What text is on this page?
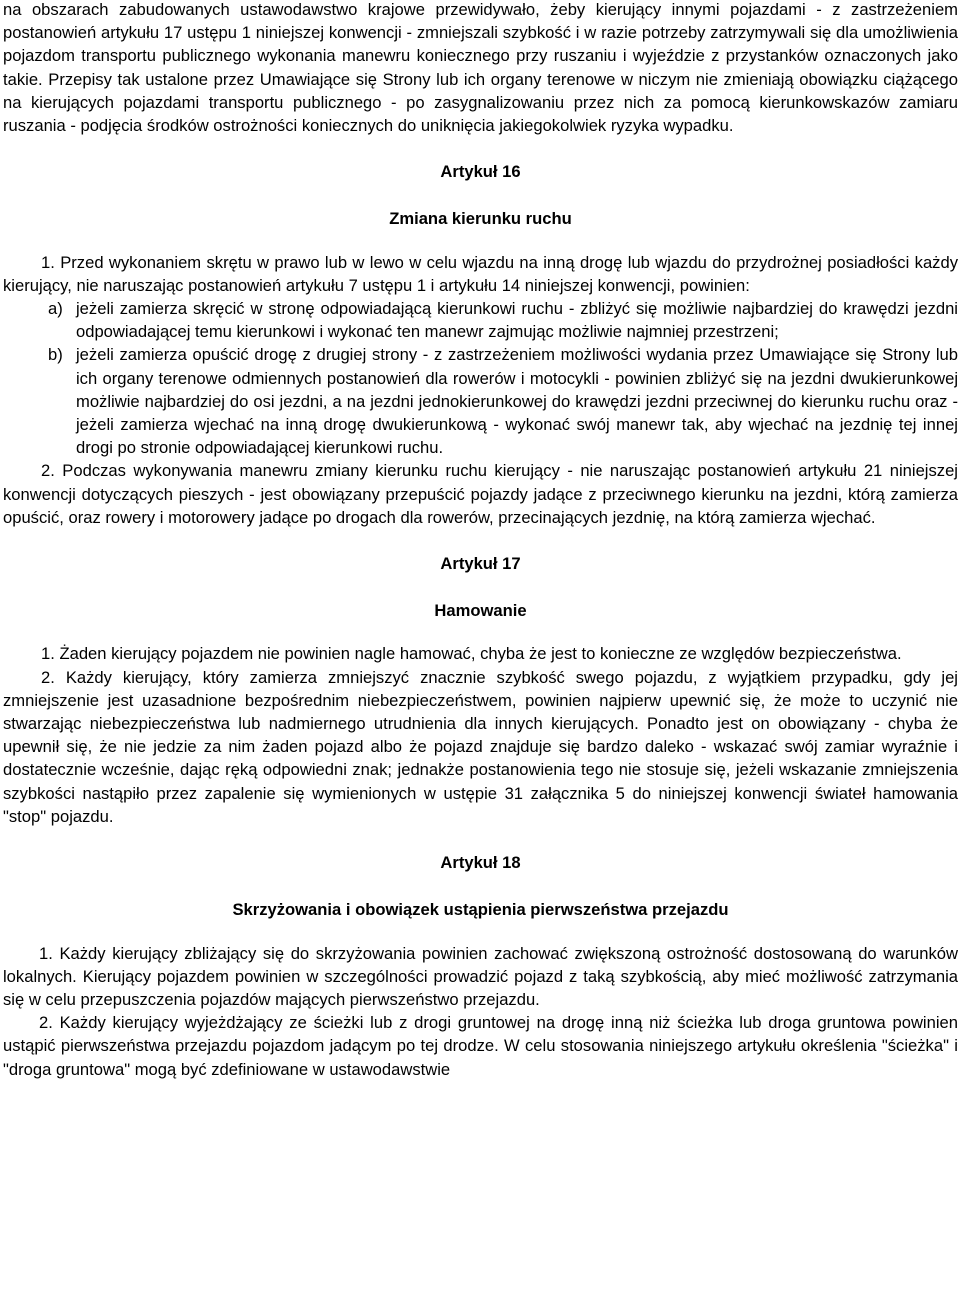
na obszarach zabudowanych ustawodawstwo krajowe przewidywało, żeby kierujący innymi pojazdami - z zastrzeżeniem postanowień artykułu 17 ustępu 1 niniejszej konwencji - zmniejszali szybkość i w razie potrzeby zatrzymywali się dla umożliwienia pojazdom transportu publicznego wykonania manewru koniecznego przy ruszaniu i wyjeździe z przystanków oznaczonych jako takie. Przepisy tak ustalone przez Umawiające się Strony lub ich organy terenowe w niczym nie zmieniają obowiązku ciążącego na kierujących pojazdami transportu publicznego - po zasygnalizowaniu przez nich za pomocą kierunkowskazów zamiaru ruszania - podjęcia środków ostrożności koniecznych do uniknięcia jakiegokolwiek ryzyka wypadku.

Artykuł 16
Zmiana kierunku ruchu

1. Przed wykonaniem skrętu w prawo lub w lewo w celu wjazdu na inną drogę lub wjazdu do przydrożnej posiadłości każdy kierujący, nie naruszając postanowień artykułu 7 ustępu 1 i artykułu 14 niniejszej konwencji, powinien:

a) jeżeli zamierza skręcić w stronę odpowiadającą kierunkowi ruchu - zbliżyć się możliwie najbardziej do krawędzi jezdni odpowiadającej temu kierunkowi i wykonać ten manewr zajmując możliwie najmniej przestrzeni;
b) jeżeli zamierza opuścić drogę z drugiej strony - z zastrzeżeniem możliwości wydania przez Umawiające się Strony lub ich organy terenowe odmiennych postanowień dla rowerów i motocykli - powinien zbliżyć się na jezdni dwukierunkowej możliwie najbardziej do osi jezdni, a na jezdni jednokierunkowej do krawędzi jezdni przeciwnej do kierunku ruchu oraz - jeżeli zamierza wjechać na inną drogę dwukierunkową - wykonać swój manewr tak, aby wjechać na jezdnię tej innej drogi po stronie odpowiadającej kierunkowi ruchu.

2. Podczas wykonywania manewru zmiany kierunku ruchu kierujący - nie naruszając postanowień artykułu 21 niniejszej konwencji dotyczących pieszych - jest obowiązany przepuścić pojazdy jadące z przeciwnego kierunku na jezdni, którą zamierza opuścić, oraz rowery i motorowery jadące po drogach dla rowerów, przecinających jezdnię, na którą zamierza wjechać.

Artykuł 17
Hamowanie

1. Żaden kierujący pojazdem nie powinien nagle hamować, chyba że jest to konieczne ze względów bezpieczeństwa.

2. Każdy kierujący, który zamierza zmniejszyć znacznie szybkość swego pojazdu, z wyjątkiem przypadku, gdy jej zmniejszenie jest uzasadnione bezpośrednim niebezpieczeństwem, powinien najpierw upewnić się, że może to uczynić nie stwarzając niebezpieczeństwa lub nadmiernego utrudnienia dla innych kierujących. Ponadto jest on obowiązany - chyba że upewnił się, że nie jedzie za nim żaden pojazd albo że pojazd znajduje się bardzo daleko - wskazać swój zamiar wyraźnie i dostatecznie wcześnie, dając ręką odpowiedni znak; jednakże postanowienia tego nie stosuje się, jeżeli wskazanie zmniejszenia szybkości nastąpiło przez zapalenie się wymienionych w ustępie 31 załącznika 5 do niniejszej konwencji świateł hamowania "stop" pojazdu.

Artykuł 18
Skrzyżowania i obowiązek ustąpienia pierwszeństwa przejazdu

1. Każdy kierujący zbliżający się do skrzyżowania powinien zachować zwiększoną ostrożność dostosowaną do warunków lokalnych. Kierujący pojazdem powinien w szczególności prowadzić pojazd z taką szybkością, aby mieć możliwość zatrzymania się w celu przepuszczenia pojazdów mających pierwszeństwo przejazdu.

2. Każdy kierujący wyjeżdżający ze ścieżki lub z drogi gruntowej na drogę inną niż ścieżka lub droga gruntowa powinien ustąpić pierwszeństwa przejazdu pojazdom jadącym po tej drodze. W celu stosowania niniejszego artykułu określenia "ścieżka" i "droga gruntowa" mogą być zdefiniowane w ustawodawstwie
